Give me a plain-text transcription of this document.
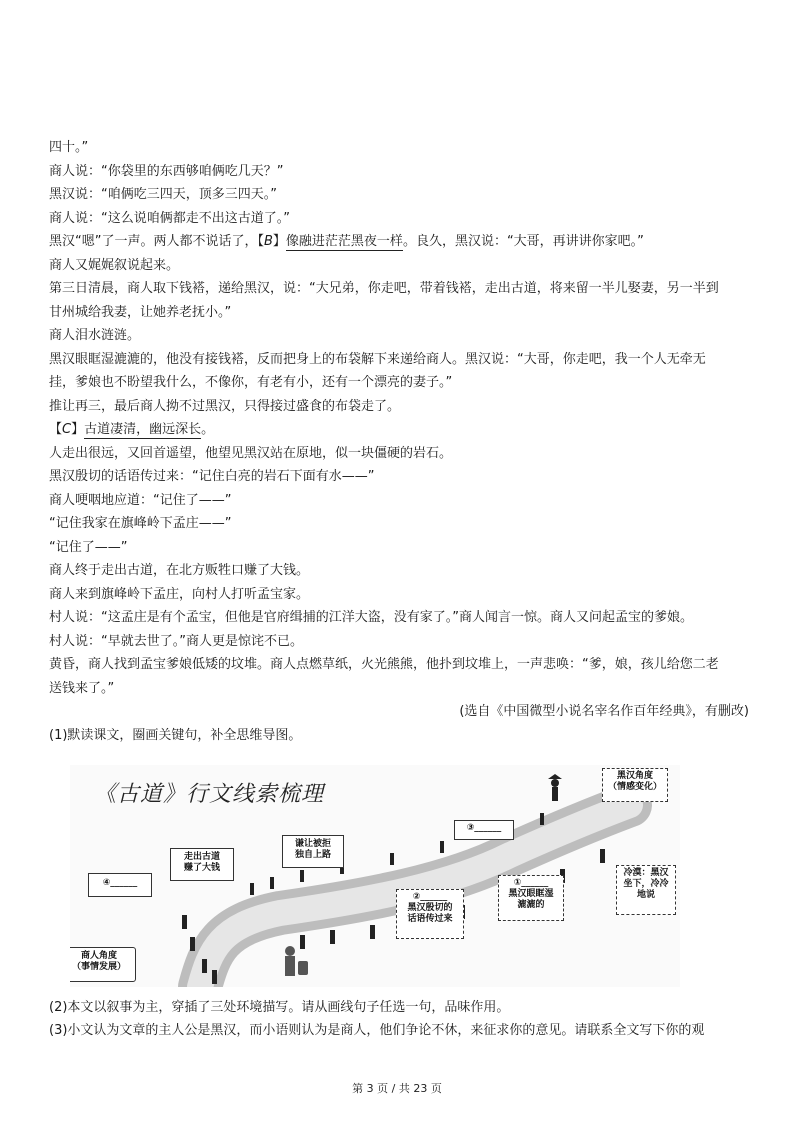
四十。”
商人说：“你袋里的东西够咱俩吃几天？”
黑汉说：“咱俩吃三四天，顶多三四天。”
商人说：“这么说咱俩都走不出这古道了。”
黑汉“嗯”了一声。两人都不说话了，【B】像融进茫茫黑夜一样。良久，黑汉说：“大哥，再讲讲你家吧。”
商人又娓娓叙说起来。
第三日清晨，商人取下钱褡，递给黑汉，说：“大兄弟，你走吧，带着钱褡，走出古道，将来留一半儿娶妻，另一半到
甘州城给我妻，让她养老抚小。”
商人泪水涟涟。
黑汉眼眶湿漉漉的，他没有接钱褡，反而把身上的布袋解下来递给商人。黑汉说：“大哥，你走吧，我一个人无牵无
挂，爹娘也不盼望我什么，不像你，有老有小，还有一个漂亮的妻子。”
推让再三，最后商人拗不过黑汉，只得接过盛食的布袋走了。
【C】古道凄清，幽远深长。
人走出很远，又回首遥望，他望见黑汉站在原地，似一块僵硬的岩石。
黑汉殷切的话语传过来：“记住白亮的岩石下面有水——”
商人哽咽地应道：“记住了——”
“记住我家在旗峰岭下孟庄——”
“记住了——”
商人终于走出古道，在北方贩牲口赚了大钱。
商人来到旗峰岭下孟庄，向村人打听孟宝家。
村人说：“这孟庄是有个孟宝，但他是官府缉捕的江洋大盗，没有家了。”商人闻言一惊。商人又问起孟宝的爹娘。
村人说：“早就去世了。”商人更是惊诧不已。
黄昏，商人找到孟宝爹娘低矮的坟堆。商人点燃草纸，火光熊熊，他扑到坟堆上，一声悲唤：“爹，娘，孩儿给您二老
送钱来了。”
(选自《中国微型小说名宰名作百年经典》，有删改)
(1)默读课文，圈画关键句，补全思维导图。
《古道》行文线索梳理
黑汉角度
（情感变化）
③______
谦让被拒
独自上路
走出古道
赚了大钱
④______	①______
黑汉眼眶湿
漉漉的
②______
黑汉殷切的
话语传过来
冷漠：黑汉
坐下，冷冷
地说
商人角度
（事情发展）
(2)本文以叙事为主，穿插了三处环境描写。请从画线句子任选一句，品味作用。
(3)小文认为文章的主人公是黑汉，而小语则认为是商人，他们争论不休，来征求你的意见。请联系全文写下你的观
第 3 页 / 共 23 页
